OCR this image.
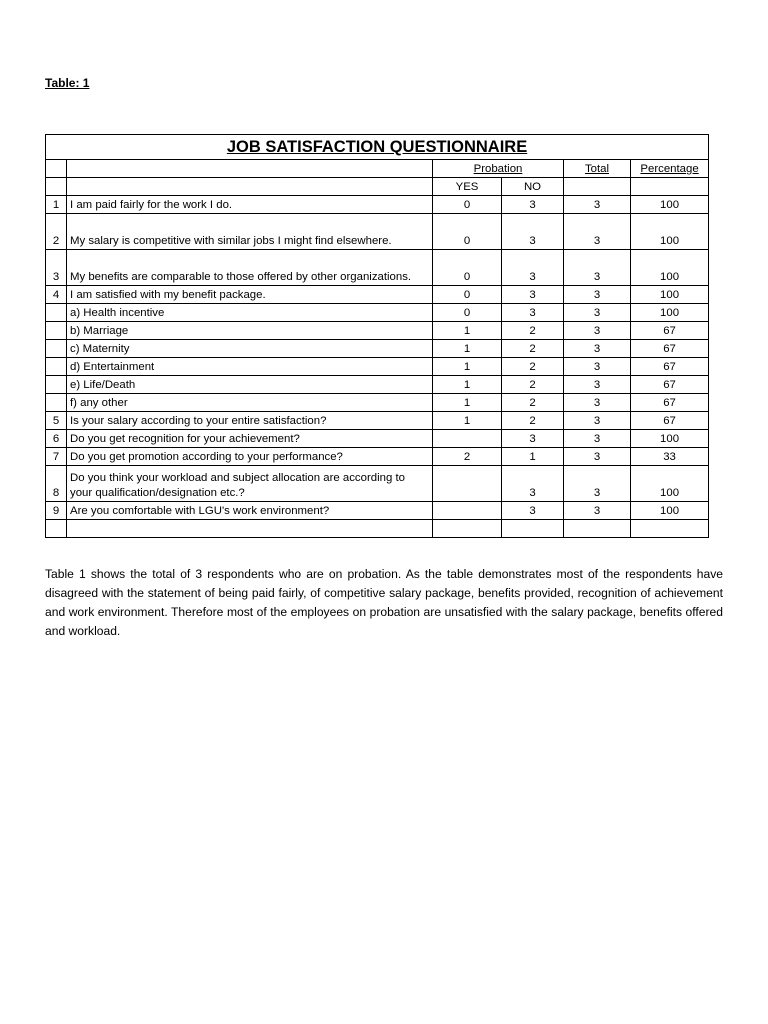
Table: 1
JOB SATISFACTION QUESTIONNAIRE					
		Probation		Total	Percentage
		YES	NO		
1	I am paid fairly for the work I do.	0	3	3	100
2	My salary is competitive with similar jobs I might find elsewhere.	0	3	3	100
3	My benefits are comparable to those offered by other organizations.	0	3	3	100
4	I am satisfied with my benefit package.	0	3	3	100
	a) Health incentive	0	3	3	100
	b) Marriage	1	2	3	67
	c) Maternity	1	2	3	67
	d) Entertainment	1	2	3	67
	e) Life/Death	1	2	3	67
	f) any other	1	2	3	67
5	Is your salary according to your entire satisfaction?	1	2	3	67
6	Do you get recognition for your achievement?		3	3	100
7	Do you get promotion according to your performance?	2	1	3	33
8	Do you think your workload and subject allocation are according to your qualification/designation etc.?		3	3	100
9	Are you comfortable with LGU's work environment?		3	3	100

Table 1 shows the total of 3 respondents who are on probation. As the table demonstrates most of the respondents have disagreed with the statement of being paid fairly, of competitive salary package, benefits provided, recognition of achievement and work environment. Therefore most of the employees on probation are unsatisfied with the salary package, benefits offered and workload.
